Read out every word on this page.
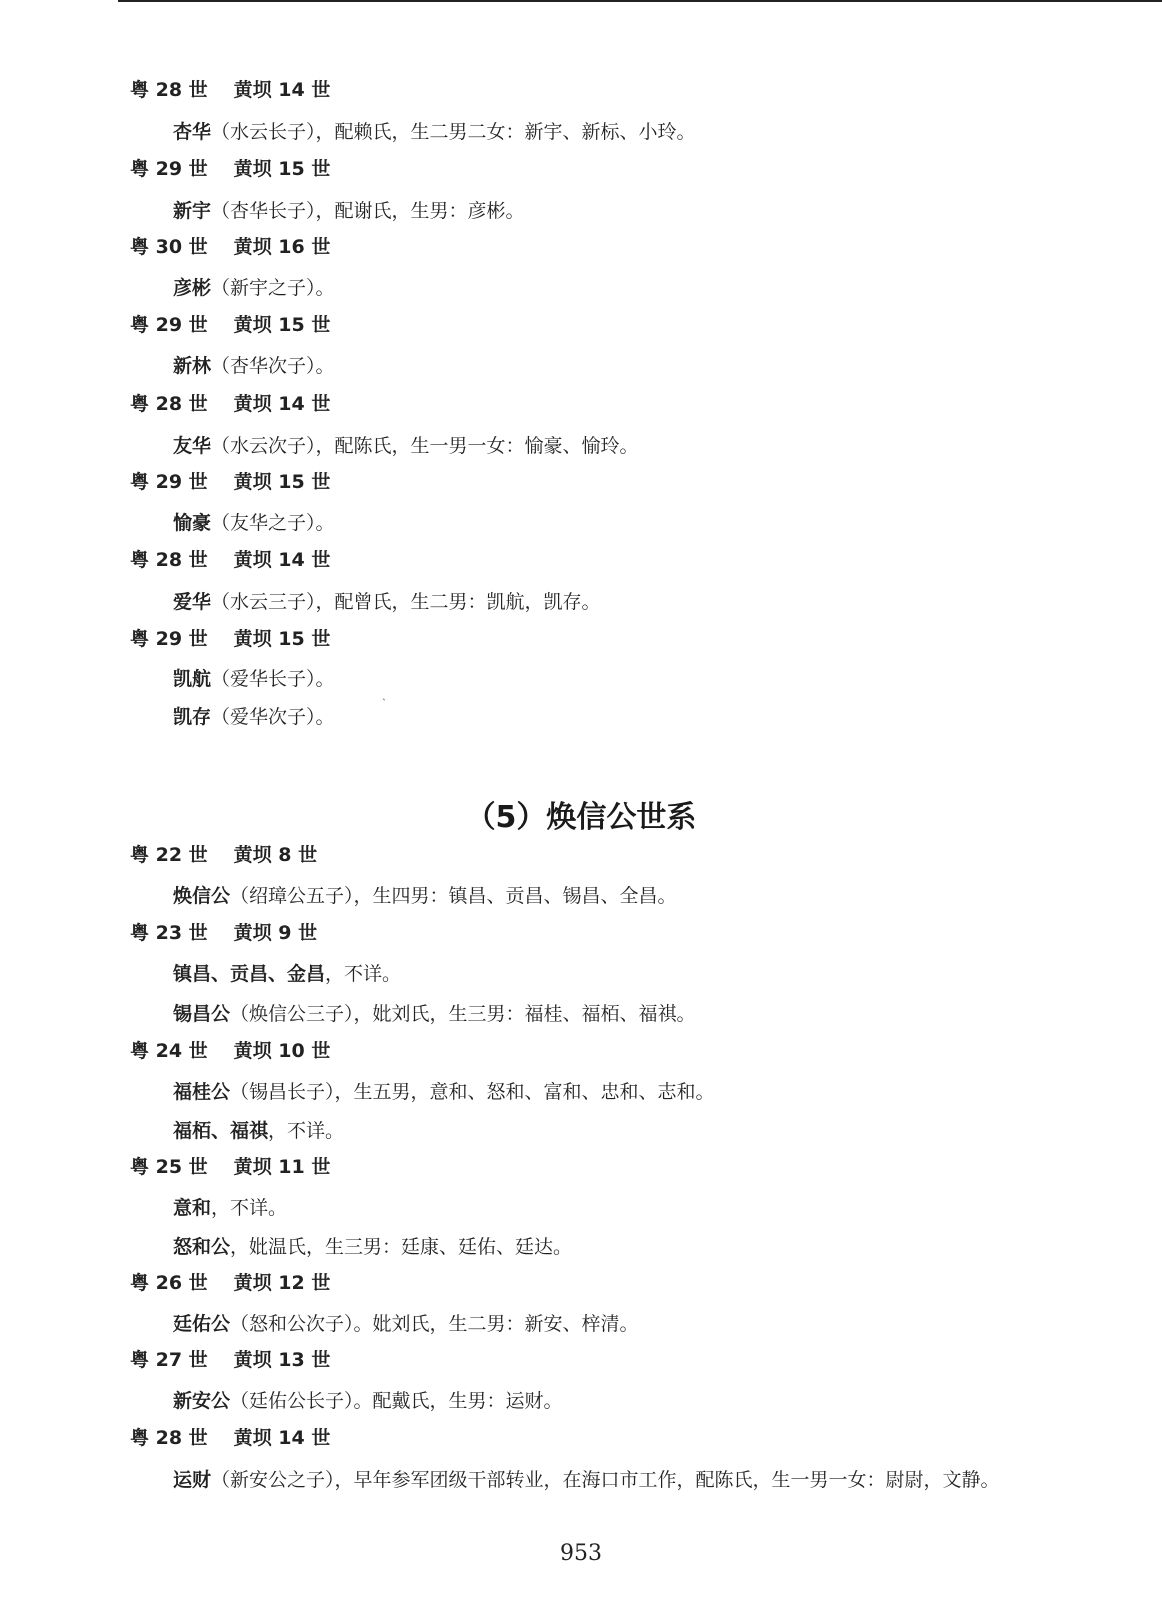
粤 28 世 黄坝 14 世
杏华（水云长子），配赖氏，生二男二女：新宇、新标、小玲。
粤 29 世 黄坝 15 世
新宇（杏华长子），配谢氏，生男：彦彬。
粤 30 世 黄坝 16 世
彦彬（新宇之子）。
粤 29 世 黄坝 15 世
新林（杏华次子）。
粤 28 世 黄坝 14 世
友华（水云次子），配陈氏，生一男一女：愉豪、愉玲。
粤 29 世 黄坝 15 世
愉豪（友华之子）。
粤 28 世 黄坝 14 世
爱华（水云三子），配曾氏，生二男：凯航，凯存。
粤 29 世 黄坝 15 世
凯航（爱华长子）。
凯存（爱华次子）。
ˎ
（5）焕信公世系
粤 22 世 黄坝 8 世
焕信公（绍璋公五子），生四男：镇昌、贡昌、锡昌、全昌。
粤 23 世 黄坝 9 世
镇昌、贡昌、金昌，不详。
锡昌公（焕信公三子），妣刘氏，生三男：福桂、福栢、福祺。
粤 24 世 黄坝 10 世
福桂公（锡昌长子），生五男，意和、怒和、富和、忠和、志和。
福栢、福祺，不详。
粤 25 世 黄坝 11 世
意和，不详。
怒和公，妣温氏，生三男：廷康、廷佑、廷达。
粤 26 世 黄坝 12 世
廷佑公（怒和公次子）。妣刘氏，生二男：新安、梓清。
粤 27 世 黄坝 13 世
新安公（廷佑公长子）。配戴氏，生男：运财。
粤 28 世 黄坝 14 世
运财（新安公之子），早年参军团级干部转业，在海口市工作，配陈氏，生一男一女：尉尉，文静。
953
